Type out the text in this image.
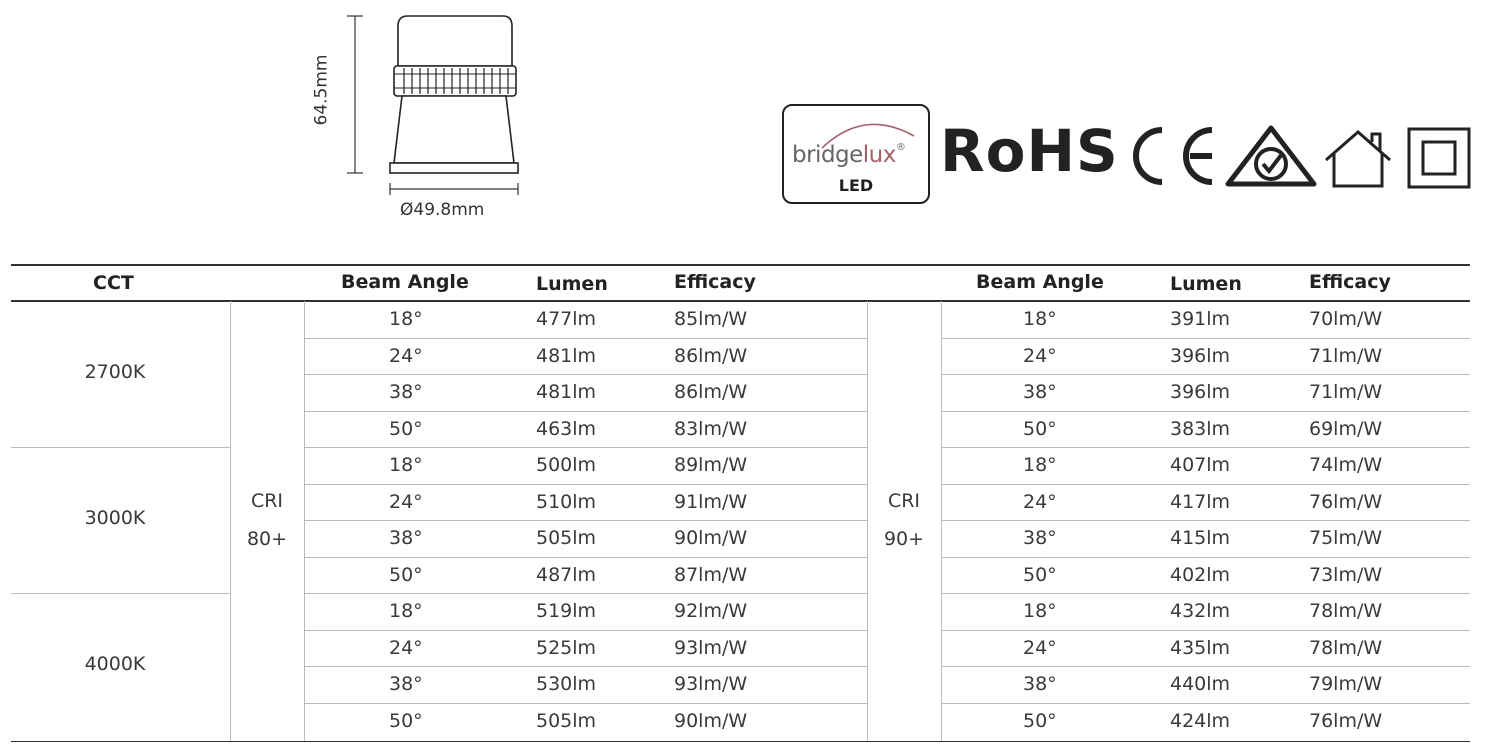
64.5mm
Ø49.8mm
bridgelux®
LED
RoHS
CCT	Beam Angle	Lumen	Efficacy	Beam Angle	Lumen	Efficacy
CRI
80+
CRI
90+
2700K
18°	477lm	85lm/W	18°	391lm	70lm/W
24°	481lm	86lm/W	24°	396lm	71lm/W
38°	481lm	86lm/W	38°	396lm	71lm/W
50°	463lm	83lm/W	50°	383lm	69lm/W
3000K
18°	500lm	89lm/W	18°	407lm	74lm/W
24°	510lm	91lm/W	24°	417lm	76lm/W
38°	505lm	90lm/W	38°	415lm	75lm/W
50°	487lm	87lm/W	50°	402lm	73lm/W
4000K
18°	519lm	92lm/W	18°	432lm	78lm/W
24°	525lm	93lm/W	24°	435lm	78lm/W
38°	530lm	93lm/W	38°	440lm	79lm/W
50°	505lm	90lm/W	50°	424lm	76lm/W
